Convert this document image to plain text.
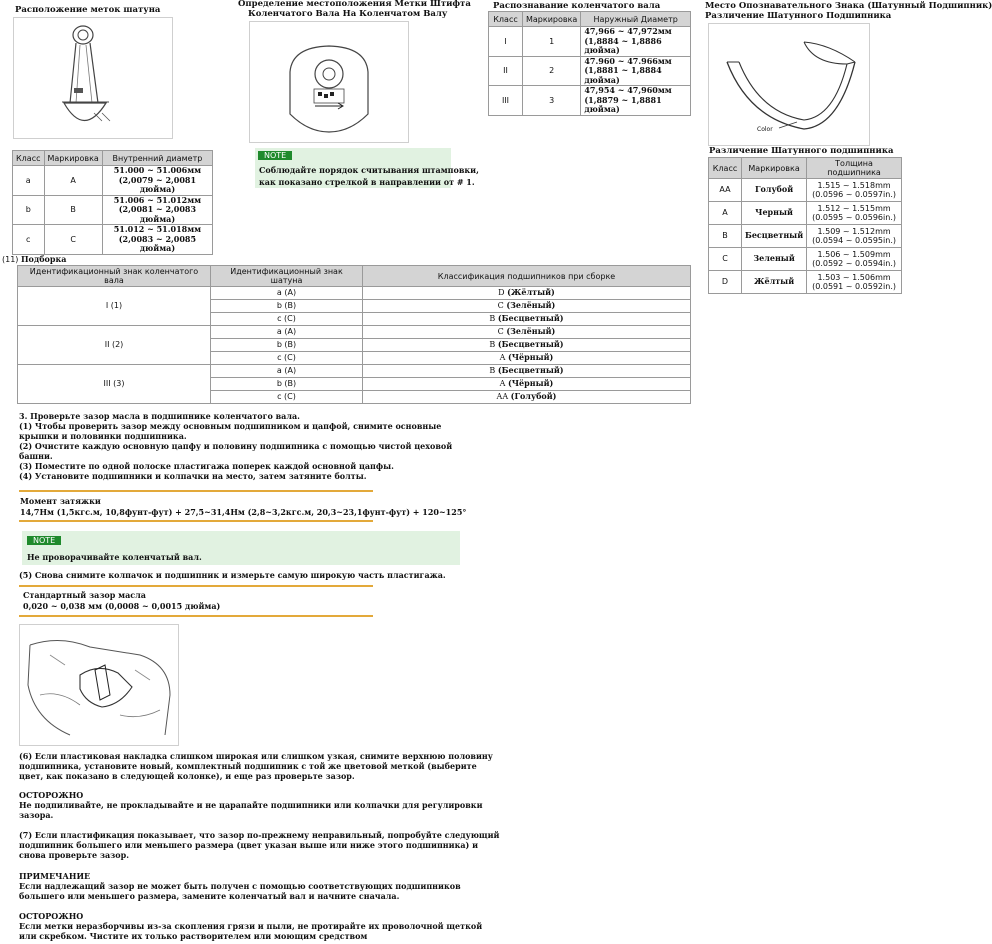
Расположение меток шатуна
Класс	Маркировка	Внутренний диаметр
a	A	51.000 ~ 51.006мм
(2,0079 ~ 2,0081 дюйма)

b	B	51.006 ~ 51.012мм
(2,0081 ~ 2,0083 дюйма)

c	C	51.012 ~ 51.018мм
(2,0083 ~ 2,0085 дюйма)
Определение местоположения Метки Штифта
Коленчатого Вала На Коленчатом Валу
NOTE
Соблюдайте порядок считывания штамповки,
как показано стрелкой в направлении от # 1.
Распознавание коленчатого вала
Класс	Маркировка	Наружный Диаметр
I	1	47,966 ~ 47,972мм
(1,8884 ~ 1,8886 дюйма)

II	2	47.960 ~ 47.966мм
(1,8881 ~ 1,8884 дюйма)

III	3	47,954 ~ 47,960мм
(1,8879 ~ 1,8881 дюйма)
Место Опознавательного Знака (Шатунный Подшипник)
Различение Шатунного Подшипника
Color
Различение Шатунного подшипника
Класс	Маркировка	Толщина подшипника
AA	Голубой	1.515 ~ 1.518mm
(0.0596 ~ 0.0597in.)

A	Черный	1.512 ~ 1.515mm
(0.0595 ~ 0.0596in.)

B	Бесцветный	1.509 ~ 1.512mm
(0.0594 ~ 0.0595in.)

C	Зеленый	1.506 ~ 1.509mm
(0.0592 ~ 0.0594in.)

D	Жёлтый	1.503 ~ 1.506mm
(0.0591 ~ 0.0592in.)
(11) Подборка
Идентификационный знак коленчатого вала	Идентификационный знак шатуна	Классификация подшипников при сборке
I (1)	a (A)	D (Жёлтый)
	b (B)	C (Зелёный)
	c (C)	B (Бесцветный)
II (2)	a (A)	C (Зелёный)
	b (B)	B (Бесцветный)
	c (C)	A (Чёрный)
III (3)	a (A)	B (Бесцветный)
	b (B)	A (Чёрный)
	c (C)	AA (Голубой)
3. Проверьте зазор масла в подшипнике коленчатого вала.
(1) Чтобы проверить зазор между основным подшипником и цапфой, снимите основные
крышки и половинки подшипника.
(2) Очистите каждую основную цапфу и половину подшипника с помощью чистой цеховой
башни.
(3) Поместите по одной полоске пластигажа поперек каждой основной цапфы.
(4) Установите подшипники и колпачки на место, затем затяните болты.
Момент затяжки
14,7Нм (1,5кгс.м, 10,8фунт-фут) + 27,5~31,4Нм (2,8~3,2кгс.м, 20,3~23,1фунт-фут) + 120~125°
NOTE
Не проворачивайте коленчатый вал.
(5) Снова снимите колпачок и подшипник и измерьте самую широкую часть пластигажа.
Стандартный зазор масла
0,020 ~ 0,038 мм (0,0008 ~ 0,0015 дюйма)
(6) Если пластиковая накладка слишком широкая или слишком узкая, снимите верхнюю половину
подшипника, установите новый, комплектный подшипник с той же цветовой меткой (выберите
цвет, как показано в следующей колонке), и еще раз проверьте зазор.
ОСТОРОЖНО
Не подпиливайте, не прокладывайте и не царапайте подшипники или колпачки для регулировки
зазора.
(7) Если пластификация показывает, что зазор по-прежнему неправильный, попробуйте следующий
подшипник большего или меньшего размера (цвет указан выше или ниже этого подшипника) и
снова проверьте зазор.
ПРИМЕЧАНИЕ
Если надлежащий зазор не может быть получен с помощью соответствующих подшипников
большего или меньшего размера, замените коленчатый вал и начните сначала.
ОСТОРОЖНО
Если метки неразборчивы из-за скопления грязи и пыли, не протирайте их проволочной щеткой
или скребком. Чистите их только растворителем или моющим средством
